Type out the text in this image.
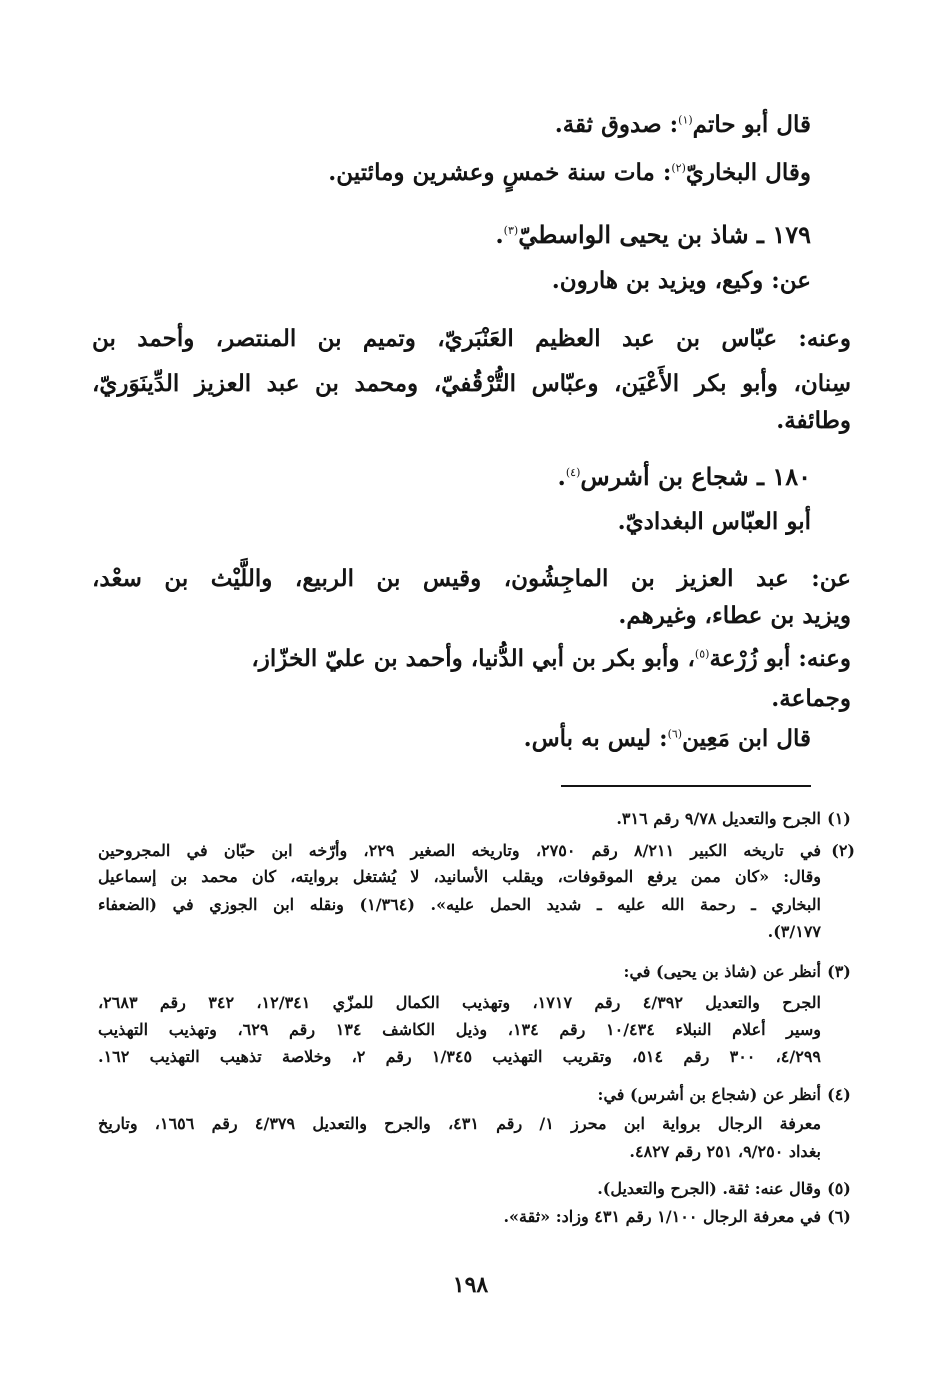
قال أبو حاتم$^{(١)}$: صدوق ثقة.
وقال البخاريّ$^{(٢)}$: مات سنة خمسٍ وعشرين ومائتين.
١٧٩ ـ شاذ بن يحيى الواسطيّ$^{(٣)}$.
عن: وكيع، ويزيد بن هارون.
وعنه: عبّاس بن عبد العظيم العَنْبَريّ، وتميم بن المنتصر، وأحمد بن
سِنان، وأبو بكر الأَعْيَن، وعبّاس التُّرْقُفيّ، ومحمد بن عبد العزيز الدِّينَوَريّ،
وطائفة.
١٨٠ ـ شجاع بن أشرس$^{(٤)}$.
أبو العبّاس البغداديّ.
عن: عبد العزيز بن الماجِشُون، وقيس بن الربيع، واللَّيْث بن سعْد،
ويزيد بن عطاء، وغيرهم.
وعنه: أبو زُرْعة$^{(٥)}$، وأبو بكر بن أبي الدُّنيا، وأحمد بن عليّ الخزّاز،
وجماعة.
قال ابن مَعِين$^{(٦)}$: ليس به بأس.
(١)
الجرح والتعديل ٩/٧٨ رقم ٣١٦.
(٢)
في تاريخه الكبير ٨/٢١١ رقم ٢٧٥٠، وتاريخه الصغير ٢٢٩، وأرّخه ابن حبّان في المجروحين
وقال: «كان ممن يرفع الموقوفات، ويقلب الأسانيد، لا يُشتغل بروايته، كان محمد بن إسماعيل
البخاري ـ رحمة الله عليه ـ شديد الحمل عليه». (١/٣٦٤) ونقله ابن الجوزي في (الضعفاء
٣/١٧٧).
(٣)
أنظر عن (شاذ بن يحيى) في:
الجرح والتعديل ٤/٣٩٢ رقم ١٧١٧، وتهذيب الكمال للمزّي ١٢/٣٤١، ٣٤٢ رقم ٢٦٨٣،
وسير أعلام النبلاء ١٠/٤٣٤ رقم ١٣٤، وذيل الكاشف ١٣٤ رقم ٦٢٩، وتهذيب التهذيب
٤/٢٩٩، ٣٠٠ رقم ٥١٤، وتقريب التهذيب ١/٣٤٥ رقم ٢، وخلاصة تذهيب التهذيب ١٦٢.
(٤)
أنظر عن (شجاع بن أشرس) في:
معرفة الرجال برواية ابن محرز ١/ رقم ٤٣١، والجرح والتعديل ٤/٣٧٩ رقم ١٦٥٦، وتاريخ
بغداد ٩/٢٥٠، ٢٥١ رقم ٤٨٢٧.
(٥)
وقال عنه: ثقة. (الجرح والتعديل).
(٦)
في معرفة الرجال ١/١٠٠ رقم ٤٣١ وزاد: «ثقة».
١٩٨
